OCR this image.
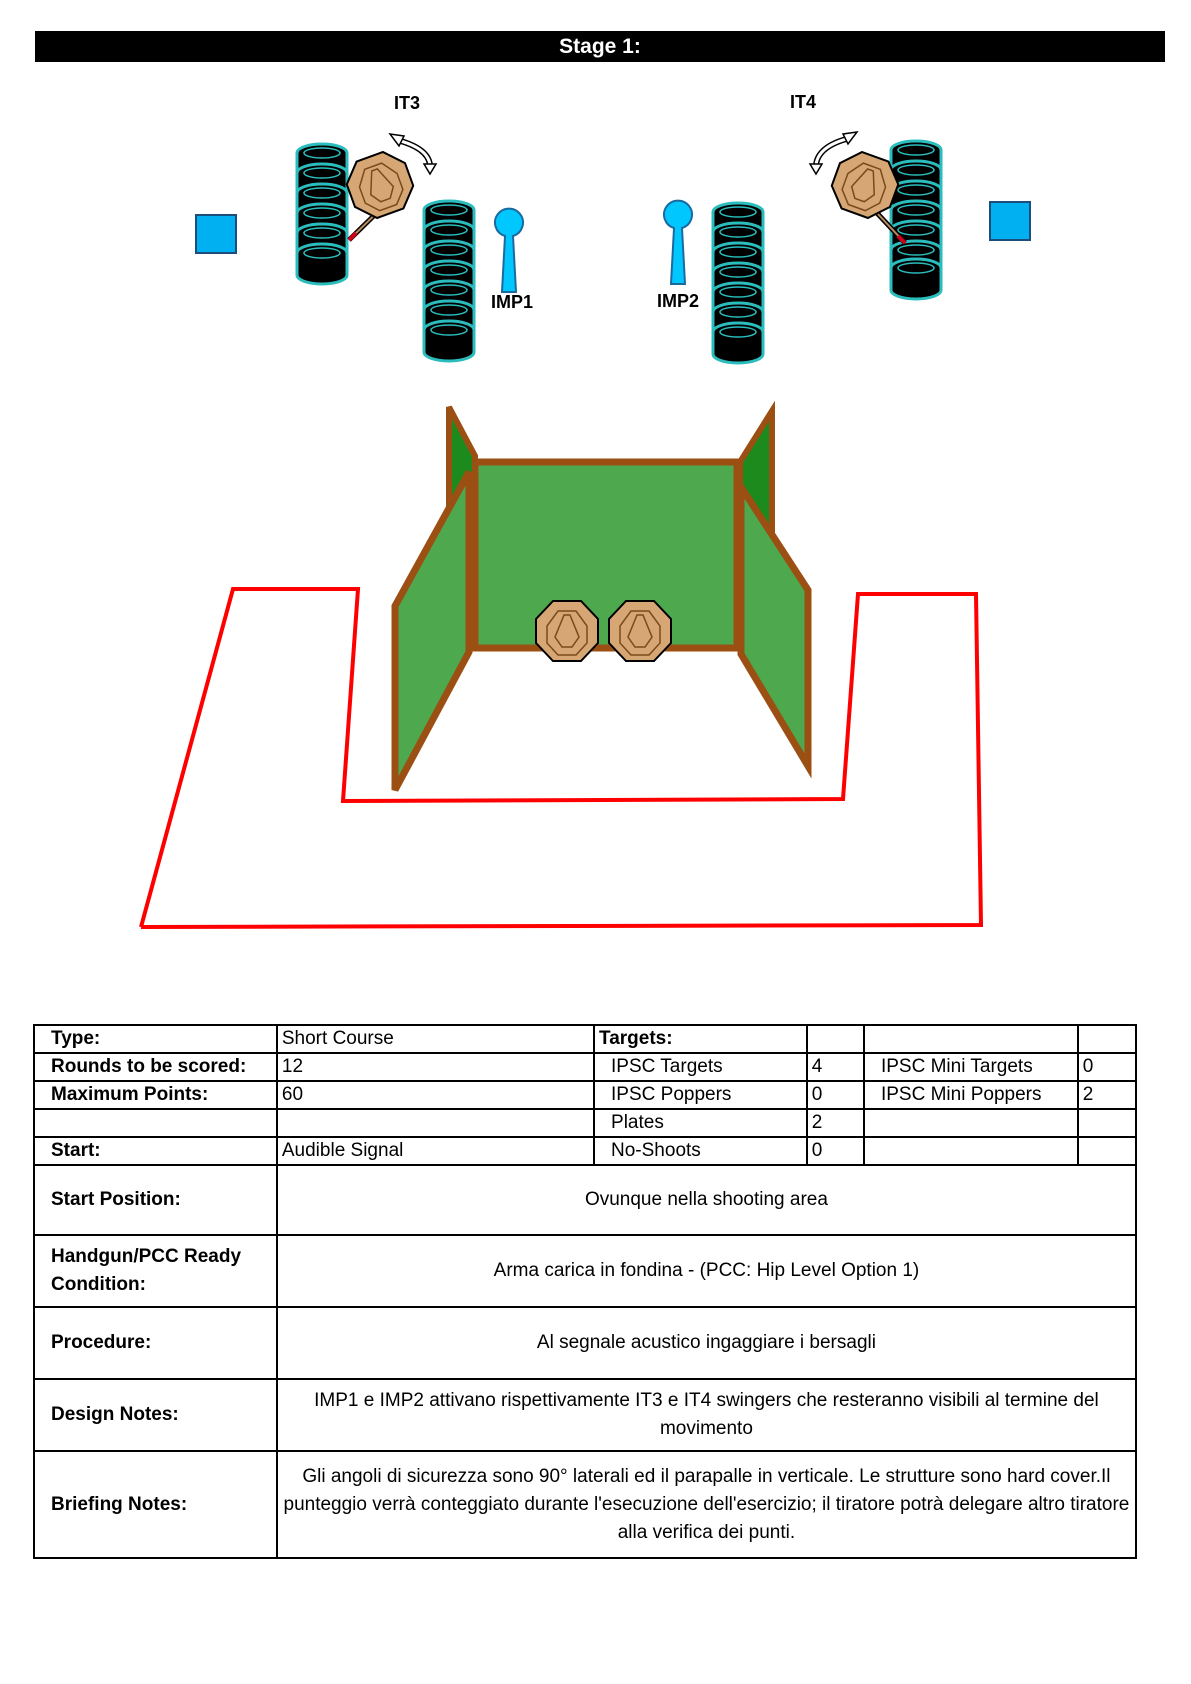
Stage 1:
IT3	IT4
IMP1	IMP2
Type:	Short Course	Targets:			
Rounds to be scored:	12	IPSC Targets	4	IPSC Mini Targets	0
Maximum Points:	60	IPSC Poppers	0	IPSC Mini Poppers	2
		Plates	2		
Start:	Audible Signal	No-Shoots	0		
Start Position:	Ovunque nella shooting area				
Handgun/PCC Ready Condition:	Arma carica in fondina - (PCC: Hip Level Option 1)				
Procedure:	Al segnale acustico ingaggiare i bersagli				
Design Notes:	IMP1 e IMP2 attivano rispettivamente IT3 e IT4 swingers che resteranno visibili al termine del movimento				
Briefing Notes:	Gli angoli di sicurezza sono 90° laterali ed il parapalle in verticale. Le strutture sono hard cover.Il punteggio verrà conteggiato durante l'esecuzione dell'esercizio; il tiratore potrà delegare altro tiratore alla verifica dei punti.				
